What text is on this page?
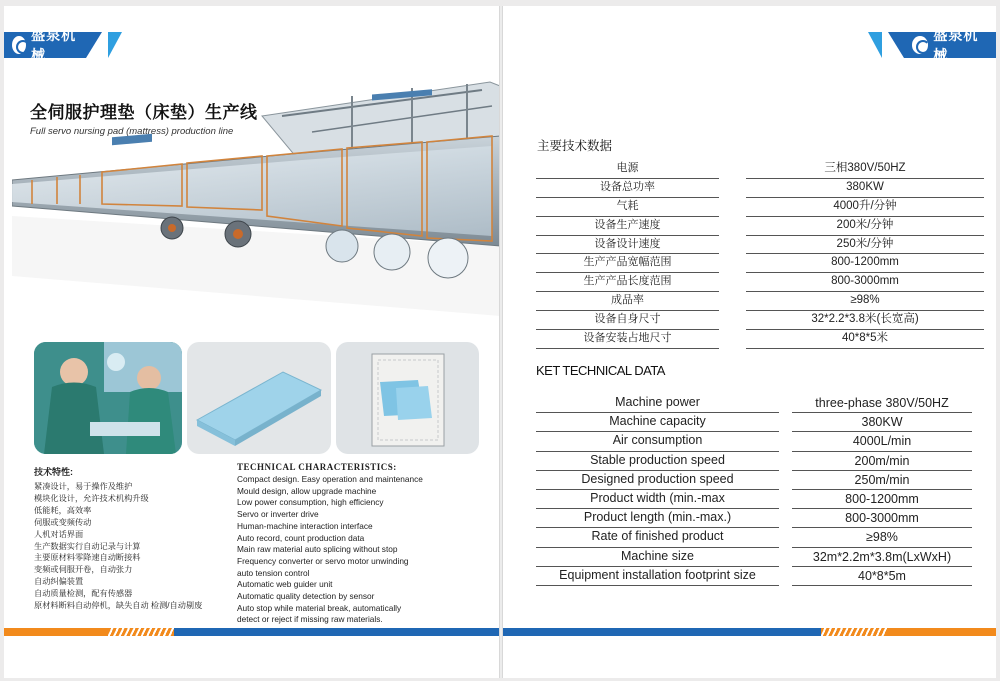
盛泉机械
全伺服护理垫（床垫）生产线
Full servo nursing pad (mattress) production line
技术特性:
紧凑设计，易于操作及维护
模块化设计，允许技术机构升级
低能耗，高效率
伺服或变频传动
人机对话界面
生产数据实行自动记录与计算
主要原材料零降速自动断接料
变频或伺服开卷，自动张力
自动纠偏装置
自动质量检测，配有传感器
原材料断料自动停机，缺失自动 检测/自动剔废
TECHNICAL CHARACTERISTICS:
Compact design. Easy operation and maintenance
Mould design, allow upgrade machine
Low power consumption, high efficiency
Servo or inverter drive
Human-machine interaction interface
Auto record, count production data
Main raw material auto splicing without stop
Frequency converter or servo motor unwinding
auto tension control
Automatic web guider unit
Automatic quality detection by sensor
Auto stop while material break, automatically
detect or reject if missing raw materials.
盛泉机械
主要技术数据
电源	三相380V/50HZ
设备总功率	380KW
气耗	4000升/分钟
设备生产速度	200米/分钟
设备设计速度	250米/分钟
生产产品宽幅范围	800-1200mm
生产产品长度范围	800-3000mm
成品率	≥98%
设备自身尺寸	32*2.2*3.8米(长宽高)
设备安装占地尺寸	40*8*5米
KET TECHNICAL DATA
Machine power	three-phase 380V/50HZ
Machine capacity	380KW
Air consumption	4000L/min
Stable production speed	200m/min
Designed production speed	250m/min
Product width (min.-max	800-1200mm
Product length (min.-max.)	800-3000mm
Rate of finished product	≥98%
Machine size	32m*2.2m*3.8m(LxWxH)
Equipment installation footprint size	40*8*5m
